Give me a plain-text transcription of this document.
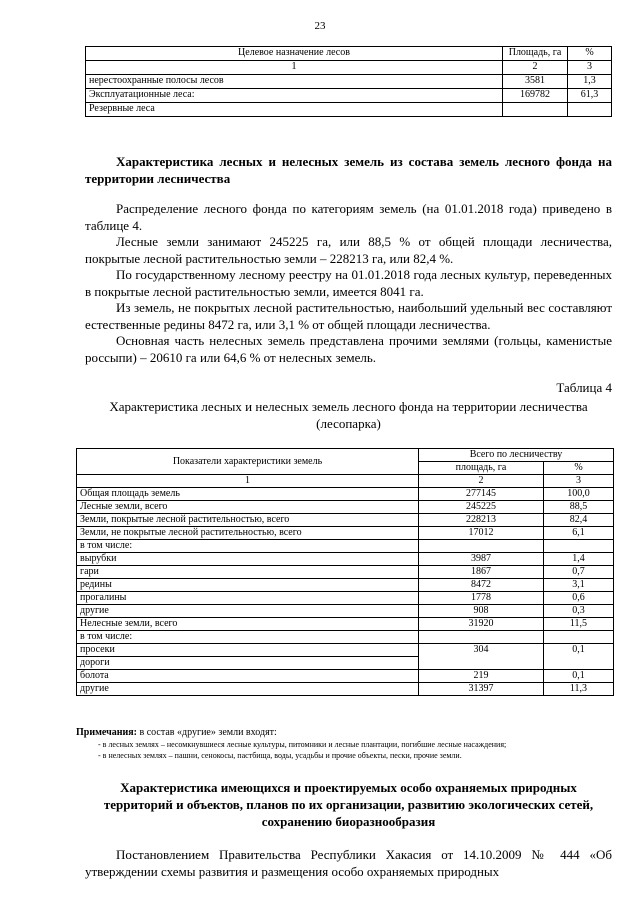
23
Целевое назначение лесов	Площадь, га	%
1	2	3
нерестоохранные полосы лесов	3581	1,3
Эксплуатационные леса:	169782	61,3
Резервные леса		

Характеристика лесных и нелесных земель из состава земель лесного фонда на территории лесничества

Распределение лесного фонда по категориям земель (на 01.01.2018 года) приведено в таблице 4.

Лесные земли занимают 245225 га, или 88,5 % от общей площади лесничества, покрытые лесной растительностью земли – 228213 га, или 82,4 %.

По государственному лесному реестру на 01.01.2018 года лесных культур, переведенных в покрытые лесной растительностью земли, имеется 8041 га.

Из земель, не покрытых лесной растительностью, наибольший удельный вес составляют естественные редины 8472 га, или 3,1 % от общей площади лесничества.

Основная часть нелесных земель представлена прочими землями (гольцы, каменистые россыпи) – 20610 га или 64,6 % от нелесных земель.

Таблица 4

Характеристика лесных и нелесных земель лесного фонда на территории лесничества (лесопарка)

Показатели характеристики земель	Всего по лесничеству	
	площадь, га	%
1	2	3
Общая площадь земель	277145	100,0
Лесные земли, всего	245225	88,5
Земли, покрытые лесной растительностью, всего	228213	82,4
Земли, не покрытые лесной растительностью, всего	17012	6,1
в том числе:		
вырубки	3987	1,4
гари	1867	0,7
редины	8472	3,1
прогалины	1778	0,6
другие	908	0,3
Нелесные земли, всего	31920	11,5
в том числе:		
просеки	304	0,1
дороги		
болота	219	0,1
другие	31397	11,3
Примечания: в состав «другие» земли входят:
- в лесных землях – несомкнувшиеся лесные культуры, питомники и лесные плантации, погибшие лесные насаждения;
- в нелесных землях – пашни, сенокосы, пастбища, воды, усадьбы и прочие объекты, пески, прочие земли.

Характеристика имеющихся и проектируемых особо охраняемых природных территорий и объектов, планов по их организации, развитию экологических сетей, сохранению биоразнообразия

Постановлением Правительства Республики Хакасия от 14.10.2009 № 444 «Об утверждении схемы развития и размещения особо охраняемых природных
